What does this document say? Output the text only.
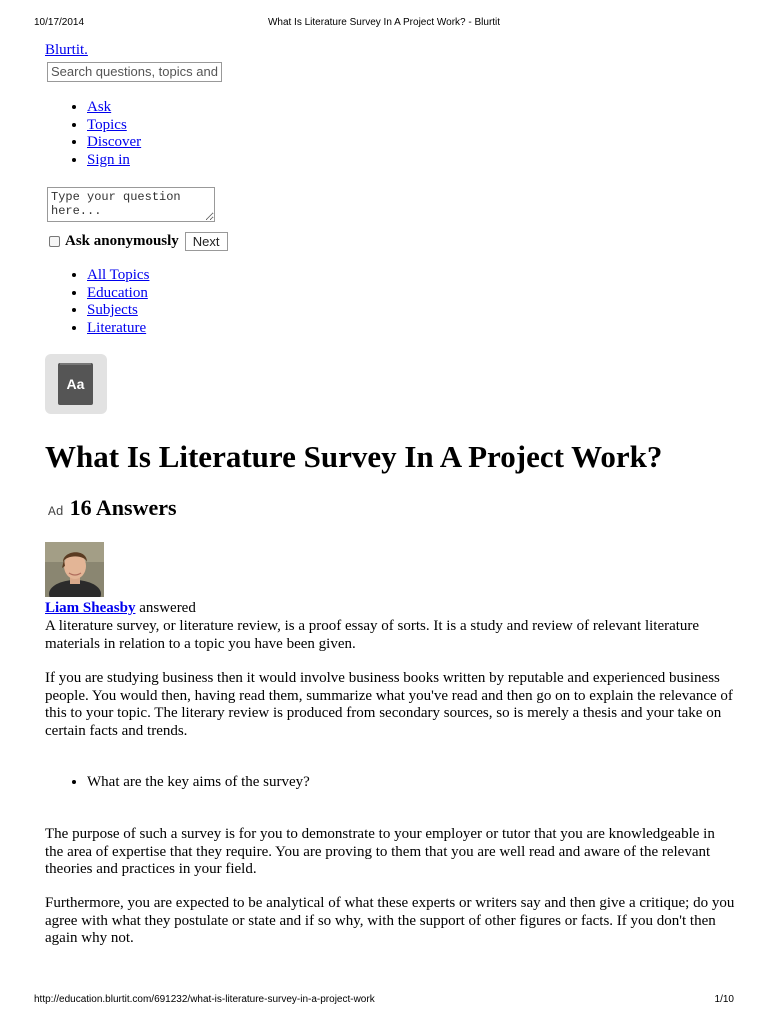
10/17/2014	What Is Literature Survey In A Project Work? - Blurtit
Blurtit.
Search questions, topics and
• Ask
• Topics
• Discover
• Sign in
Type your question here...
Ask anonymously	Next
• All Topics
• Education
• Subjects
• Literature
Aa
What Is Literature Survey In A Project Work?
Ad 16 Answers
Liam Sheasby answered

A literature survey, or literature review, is a proof essay of sorts. It is a study and review of relevant literature materials in relation to a topic you have been given.

If you are studying business then it would involve business books written by reputable and experienced business people. You would then, having read them, summarize what you've read and then go on to explain the relevance of this to your topic. The literary review is produced from secondary sources, so is merely a thesis and your take on certain facts and trends.

• What are the key aims of the survey?

The purpose of such a survey is for you to demonstrate to your employer or tutor that you are knowledgeable in the area of expertise that they require. You are proving to them that you are well read and aware of the relevant theories and practices in your field.

Furthermore, you are expected to be analytical of what these experts or writers say and then give a critique; do you agree with what they postulate or state and if so why, with the support of other figures or facts. If you don't then again why not.

http://education.blurtit.com/691232/what-is-literature-survey-in-a-project-work	1/10
